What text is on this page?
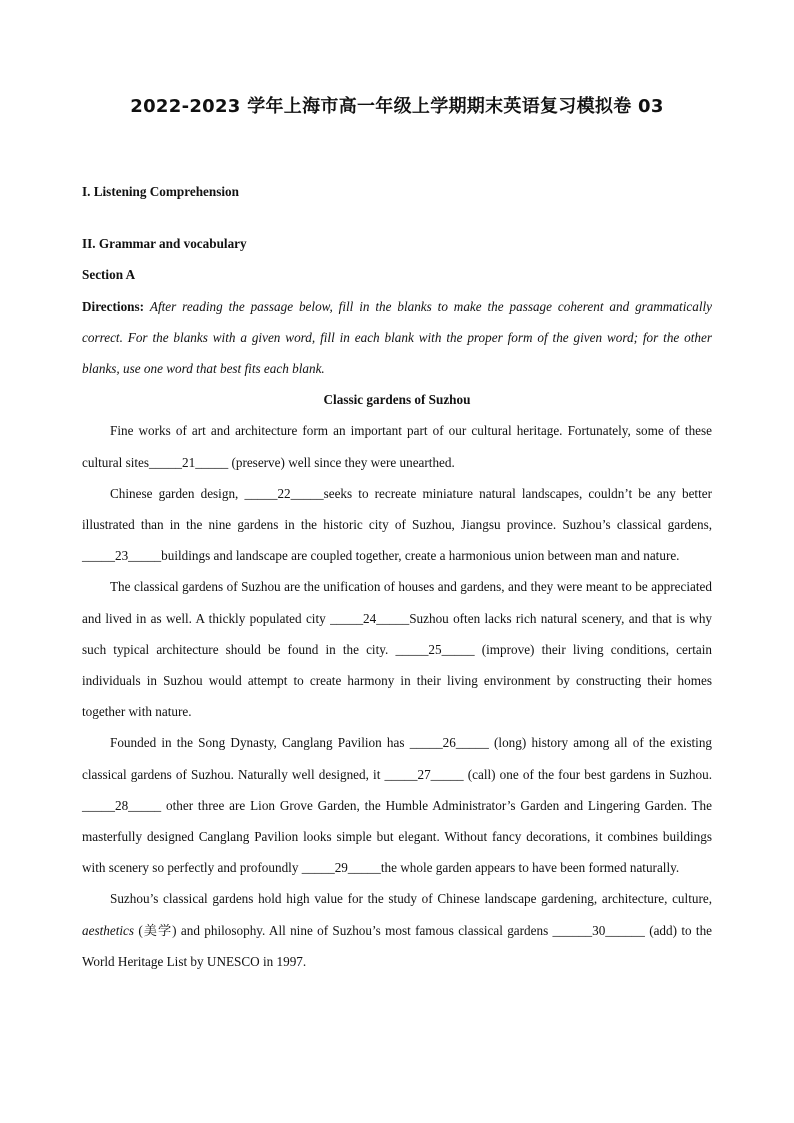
2022-2023 学年上海市高一年级上学期期末英语复习模拟卷 03

I. Listening Comprehension

II. Grammar and vocabulary

Section A

Directions: After reading the passage below, fill in the blanks to make the passage coherent and grammatically correct. For the blanks with a given word, fill in each blank with the proper form of the given word; for the other blanks, use one word that best fits each blank.

Classic gardens of Suzhou

Fine works of art and architecture form an important part of our cultural heritage. Fortunately, some of these cultural sites_____21_____ (preserve) well since they were unearthed.

Chinese garden design, _____22_____seeks to recreate miniature natural landscapes, couldn’t be any better illustrated than in the nine gardens in the historic city of Suzhou, Jiangsu province. Suzhou’s classical gardens, _____23_____buildings and landscape are coupled together, create a harmonious union between man and nature.

The classical gardens of Suzhou are the unification of houses and gardens, and they were meant to be appreciated and lived in as well. A thickly populated city _____24_____Suzhou often lacks rich natural scenery, and that is why such typical architecture should be found in the city. _____25_____ (improve) their living conditions, certain individuals in Suzhou would attempt to create harmony in their living environment by constructing their homes together with nature.

Founded in the Song Dynasty, Canglang Pavilion has _____26_____ (long) history among all of the existing classical gardens of Suzhou. Naturally well designed, it _____27_____ (call) one of the four best gardens in Suzhou. _____28_____ other three are Lion Grove Garden, the Humble Administrator’s Garden and Lingering Garden. The masterfully designed Canglang Pavilion looks simple but elegant. Without fancy decorations, it combines buildings with scenery so perfectly and profoundly _____29_____the whole garden appears to have been formed naturally.

Suzhou’s classical gardens hold high value for the study of Chinese landscape gardening, architecture, culture, aesthetics (美学) and philosophy. All nine of Suzhou’s most famous classical gardens ______30______ (add) to the World Heritage List by UNESCO in 1997.
